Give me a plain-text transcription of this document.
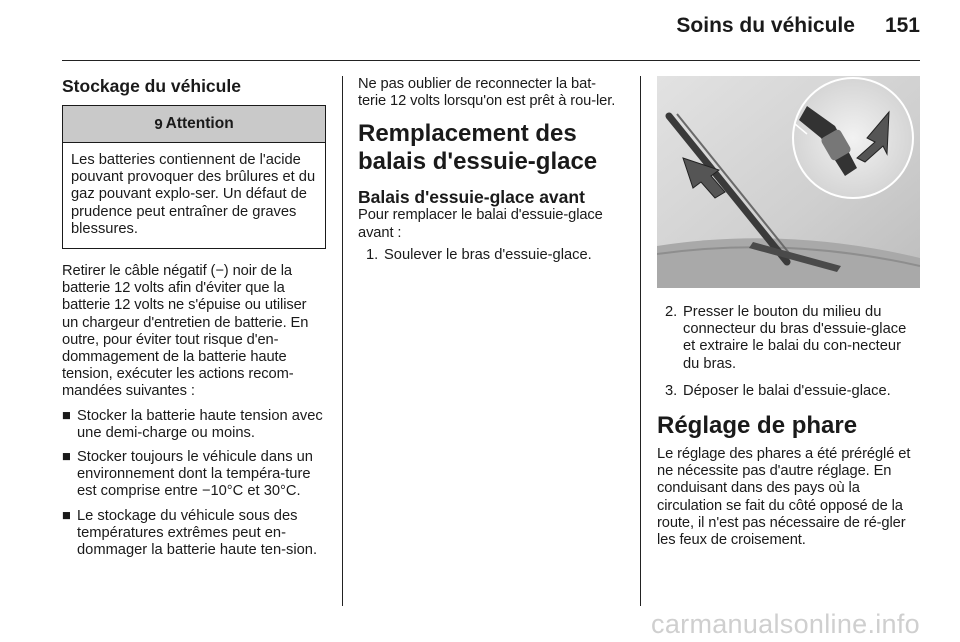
Soins du véhicule 151
Stockage du véhicule
9 Attention
Les batteries contiennent de l'acide pouvant provoquer des brûlures et du gaz pouvant explo-ser. Un défaut de prudence peut entraîner de graves blessures.

Retirer le câble négatif (−) noir de la batterie 12 volts afin d'éviter que la batterie 12 volts ne s'épuise ou utiliser un chargeur d'entretien de batterie. En outre, pour éviter tout risque d'en-dommagement de la batterie haute tension, exécuter les actions recom-mandées suivantes :

■ Stocker la batterie haute tension avec une demi-charge ou moins.
■ Stocker toujours le véhicule dans un environnement dont la tempéra-ture est comprise entre −10°C et 30°C.
■ Le stockage du véhicule sous des températures extrêmes peut en-dommager la batterie haute ten-sion.

Ne pas oublier de reconnecter la bat-terie 12 volts lorsqu'on est prêt à rou-ler.

Remplacement des balais d'essuie-glace
Balais d'essuie-glace avant

Pour remplacer le balai d'essuie-glace avant :

1. Soulever le bras d'essuie-glace.
2. Presser le bouton du milieu du connecteur du bras d'essuie-glace et extraire le balai du con-necteur du bras.
3. Déposer le balai d'essuie-glace.
Réglage de phare

Le réglage des phares a été préréglé et ne nécessite pas d'autre réglage. En conduisant dans des pays où la circulation se fait du côté opposé de la route, il n'est pas nécessaire de ré-gler les feux de croisement.

carmanualsonline.info
